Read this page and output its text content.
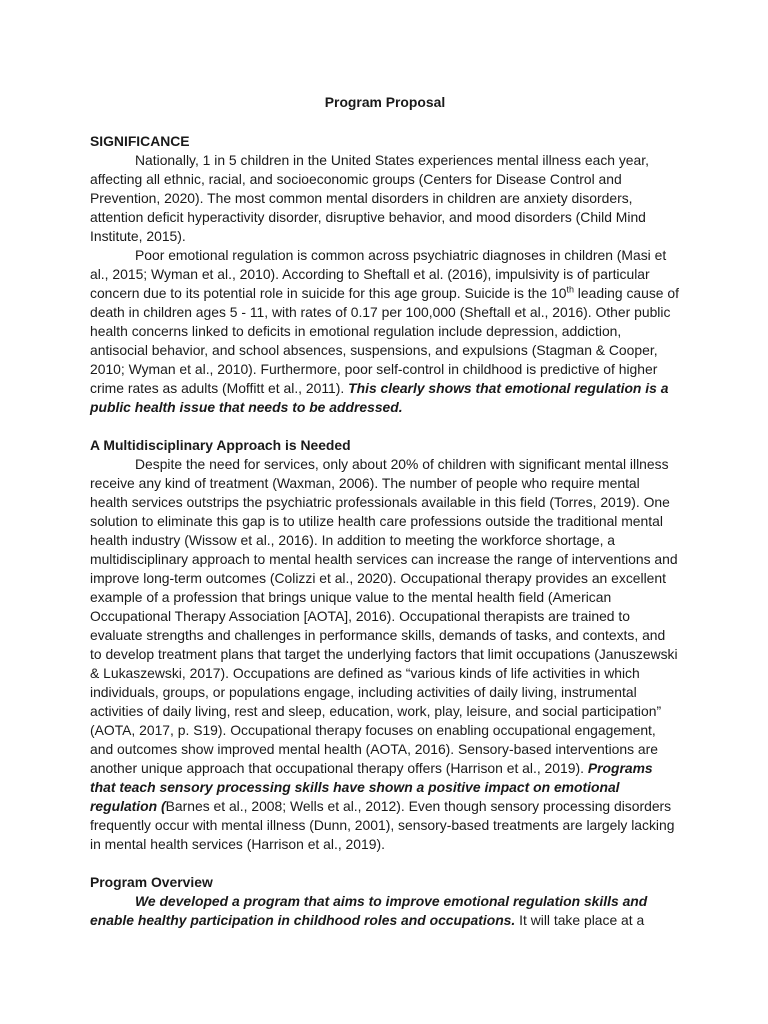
Program Proposal
SIGNIFICANCE

Nationally, 1 in 5 children in the United States experiences mental illness each year, affecting all ethnic, racial, and socioeconomic groups (Centers for Disease Control and Prevention, 2020). The most common mental disorders in children are anxiety disorders, attention deficit hyperactivity disorder, disruptive behavior, and mood disorders (Child Mind Institute, 2015).

Poor emotional regulation is common across psychiatric diagnoses in children (Masi et al., 2015; Wyman et al., 2010). According to Sheftall et al. (2016), impulsivity is of particular concern due to its potential role in suicide for this age group. Suicide is the 10th leading cause of death in children ages 5 - 11, with rates of 0.17 per 100,000 (Sheftall et al., 2016). Other public health concerns linked to deficits in emotional regulation include depression, addiction, antisocial behavior, and school absences, suspensions, and expulsions (Stagman & Cooper, 2010; Wyman et al., 2010). Furthermore, poor self-control in childhood is predictive of higher crime rates as adults (Moffitt et al., 2011). This clearly shows that emotional regulation is a public health issue that needs to be addressed.

A Multidisciplinary Approach is Needed

Despite the need for services, only about 20% of children with significant mental illness receive any kind of treatment (Waxman, 2006). The number of people who require mental health services outstrips the psychiatric professionals available in this field (Torres, 2019). One solution to eliminate this gap is to utilize health care professions outside the traditional mental health industry (Wissow et al., 2016). In addition to meeting the workforce shortage, a multidisciplinary approach to mental health services can increase the range of interventions and improve long-term outcomes (Colizzi et al., 2020). Occupational therapy provides an excellent example of a profession that brings unique value to the mental health field (American Occupational Therapy Association [AOTA], 2016). Occupational therapists are trained to evaluate strengths and challenges in performance skills, demands of tasks, and contexts, and to develop treatment plans that target the underlying factors that limit occupations (Januszewski & Lukaszewski, 2017). Occupations are defined as “various kinds of life activities in which individuals, groups, or populations engage, including activities of daily living, instrumental activities of daily living, rest and sleep, education, work, play, leisure, and social participation” (AOTA, 2017, p. S19). Occupational therapy focuses on enabling occupational engagement, and outcomes show improved mental health (AOTA, 2016). Sensory-based interventions are another unique approach that occupational therapy offers (Harrison et al., 2019). Programs that teach sensory processing skills have shown a positive impact on emotional regulation (Barnes et al., 2008; Wells et al., 2012). Even though sensory processing disorders frequently occur with mental illness (Dunn, 2001), sensory-based treatments are largely lacking in mental health services (Harrison et al., 2019).

Program Overview

We developed a program that aims to improve emotional regulation skills and enable healthy participation in childhood roles and occupations. It will take place at a
